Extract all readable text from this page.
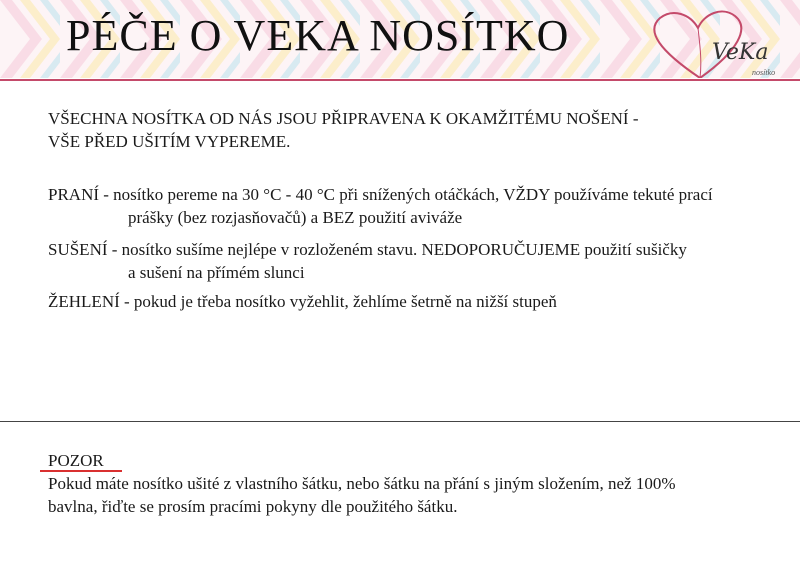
PÉČE O VEKA NOSÍTKO	VeKa
nosítko
VŠECHNA NOSÍTKA OD NÁS JSOU PŘIPRAVENA K OKAMŽITÉMU NOŠENÍ -
VŠE PŘED UŠITÍM VYPEREME.
PRANÍ - nosítko pereme na 30 °C - 40 °C při snížených otáčkách, VŽDY používáme tekuté prací
prášky (bez rozjasňovačů) a BEZ použití aviváže
SUŠENÍ - nosítko sušíme nejlépe v rozloženém stavu. NEDOPORUČUJEME použití sušičky
a sušení na přímém slunci
ŽEHLENÍ - pokud je třeba nosítko vyžehlit, žehlíme šetrně na nižší stupeň
POZOR
Pokud máte nosítko ušité z vlastního šátku, nebo šátku na přání s jiným složením, než 100%
bavlna, řiďte se prosím pracími pokyny dle použitého šátku.
